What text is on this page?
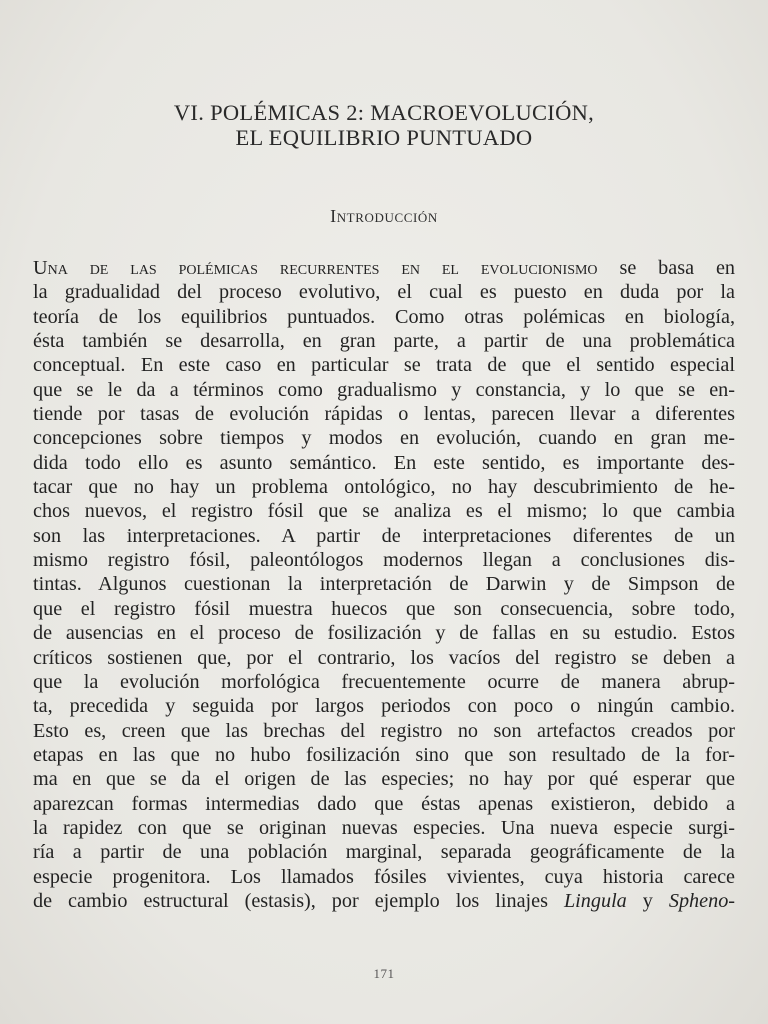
VI. POLÉMICAS 2: MACROEVOLUCIÓN,
EL EQUILIBRIO PUNTUADO
Introducción
Una de las polémicas recurrentes en el evolucionismo se basa en
la gradualidad del proceso evolutivo, el cual es puesto en duda por la
teoría de los equilibrios puntuados. Como otras polémicas en biología,
ésta también se desarrolla, en gran parte, a partir de una problemática
conceptual. En este caso en particular se trata de que el sentido especial
que se le da a términos como gradualismo y constancia, y lo que se en-
tiende por tasas de evolución rápidas o lentas, parecen llevar a diferentes
concepciones sobre tiempos y modos en evolución, cuando en gran me-
dida todo ello es asunto semántico. En este sentido, es importante des-
tacar que no hay un problema ontológico, no hay descubrimiento de he-
chos nuevos, el registro fósil que se analiza es el mismo; lo que cambia
son las interpretaciones. A partir de interpretaciones diferentes de un
mismo registro fósil, paleontólogos modernos llegan a conclusiones dis-
tintas. Algunos cuestionan la interpretación de Darwin y de Simpson de
que el registro fósil muestra huecos que son consecuencia, sobre todo,
de ausencias en el proceso de fosilización y de fallas en su estudio. Estos
críticos sostienen que, por el contrario, los vacíos del registro se deben a
que la evolución morfológica frecuentemente ocurre de manera abrup-
ta, precedida y seguida por largos periodos con poco o ningún cambio.
Esto es, creen que las brechas del registro no son artefactos creados por
etapas en las que no hubo fosilización sino que son resultado de la for-
ma en que se da el origen de las especies; no hay por qué esperar que
aparezcan formas intermedias dado que éstas apenas existieron, debido a
la rapidez con que se originan nuevas especies. Una nueva especie surgi-
ría a partir de una población marginal, separada geográficamente de la
especie progenitora. Los llamados fósiles vivientes, cuya historia carece
de cambio estructural (estasis), por ejemplo los linajes Lingula y Spheno-
171
